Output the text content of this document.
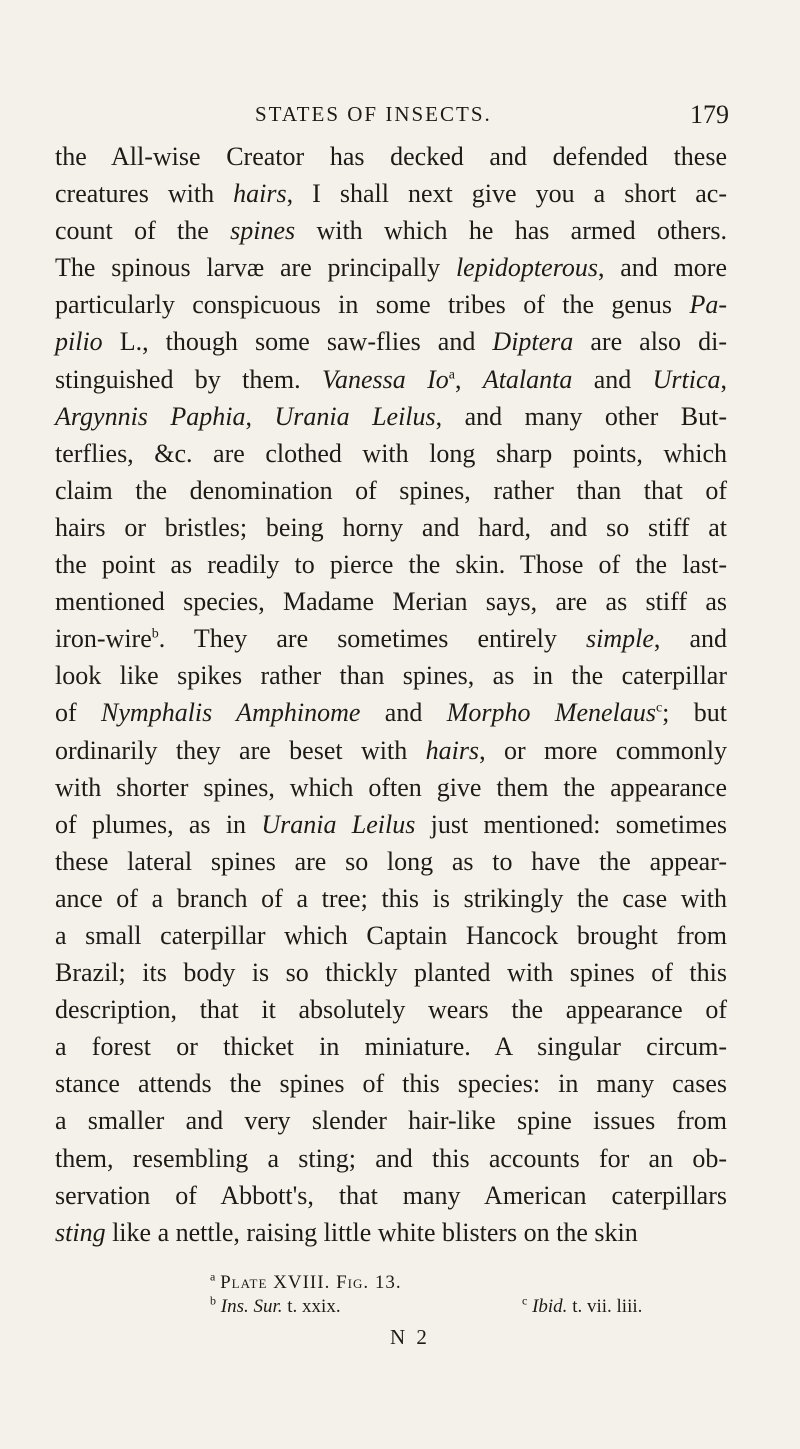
STATES OF INSECTS.	179
the All-wise Creator has decked and defended these
creatures with hairs, I shall next give you a short ac-
count of the spines with which he has armed others.
The spinous larvæ are principally lepidopterous, and more
particularly conspicuous in some tribes of the genus Pa-
pilio L., though some saw-flies and Diptera are also di-
stinguished by them. Vanessa Io$^a$, Atalanta and Urtica,
Argynnis Paphia, Urania Leilus, and many other But-
terflies, &c. are clothed with long sharp points, which
claim the denomination of spines, rather than that of
hairs or bristles; being horny and hard, and so stiff at
the point as readily to pierce the skin. Those of the last-
mentioned species, Madame Merian says, are as stiff as
iron-wire$^b$. They are sometimes entirely simple, and
look like spikes rather than spines, as in the caterpillar
of Nymphalis Amphinome and Morpho Menelaus$^c$; but
ordinarily they are beset with hairs, or more commonly
with shorter spines, which often give them the appearance
of plumes, as in Urania Leilus just mentioned: sometimes
these lateral spines are so long as to have the appear-
ance of a branch of a tree; this is strikingly the case with
a small caterpillar which Captain Hancock brought from
Brazil; its body is so thickly planted with spines of this
description, that it absolutely wears the appearance of
a forest or thicket in miniature. A singular circum-
stance attends the spines of this species: in many cases
a smaller and very slender hair-like spine issues from
them, resembling a sting; and this accounts for an ob-
servation of Abbott's, that many American caterpillars
sting like a nettle, raising little white blisters on the skin
$^a$ Plate XVIII. Fig. 13.
$^b$ Ins. Sur. t. xxix.	$^c$ Ibid. t. vii. liii.
N 2
